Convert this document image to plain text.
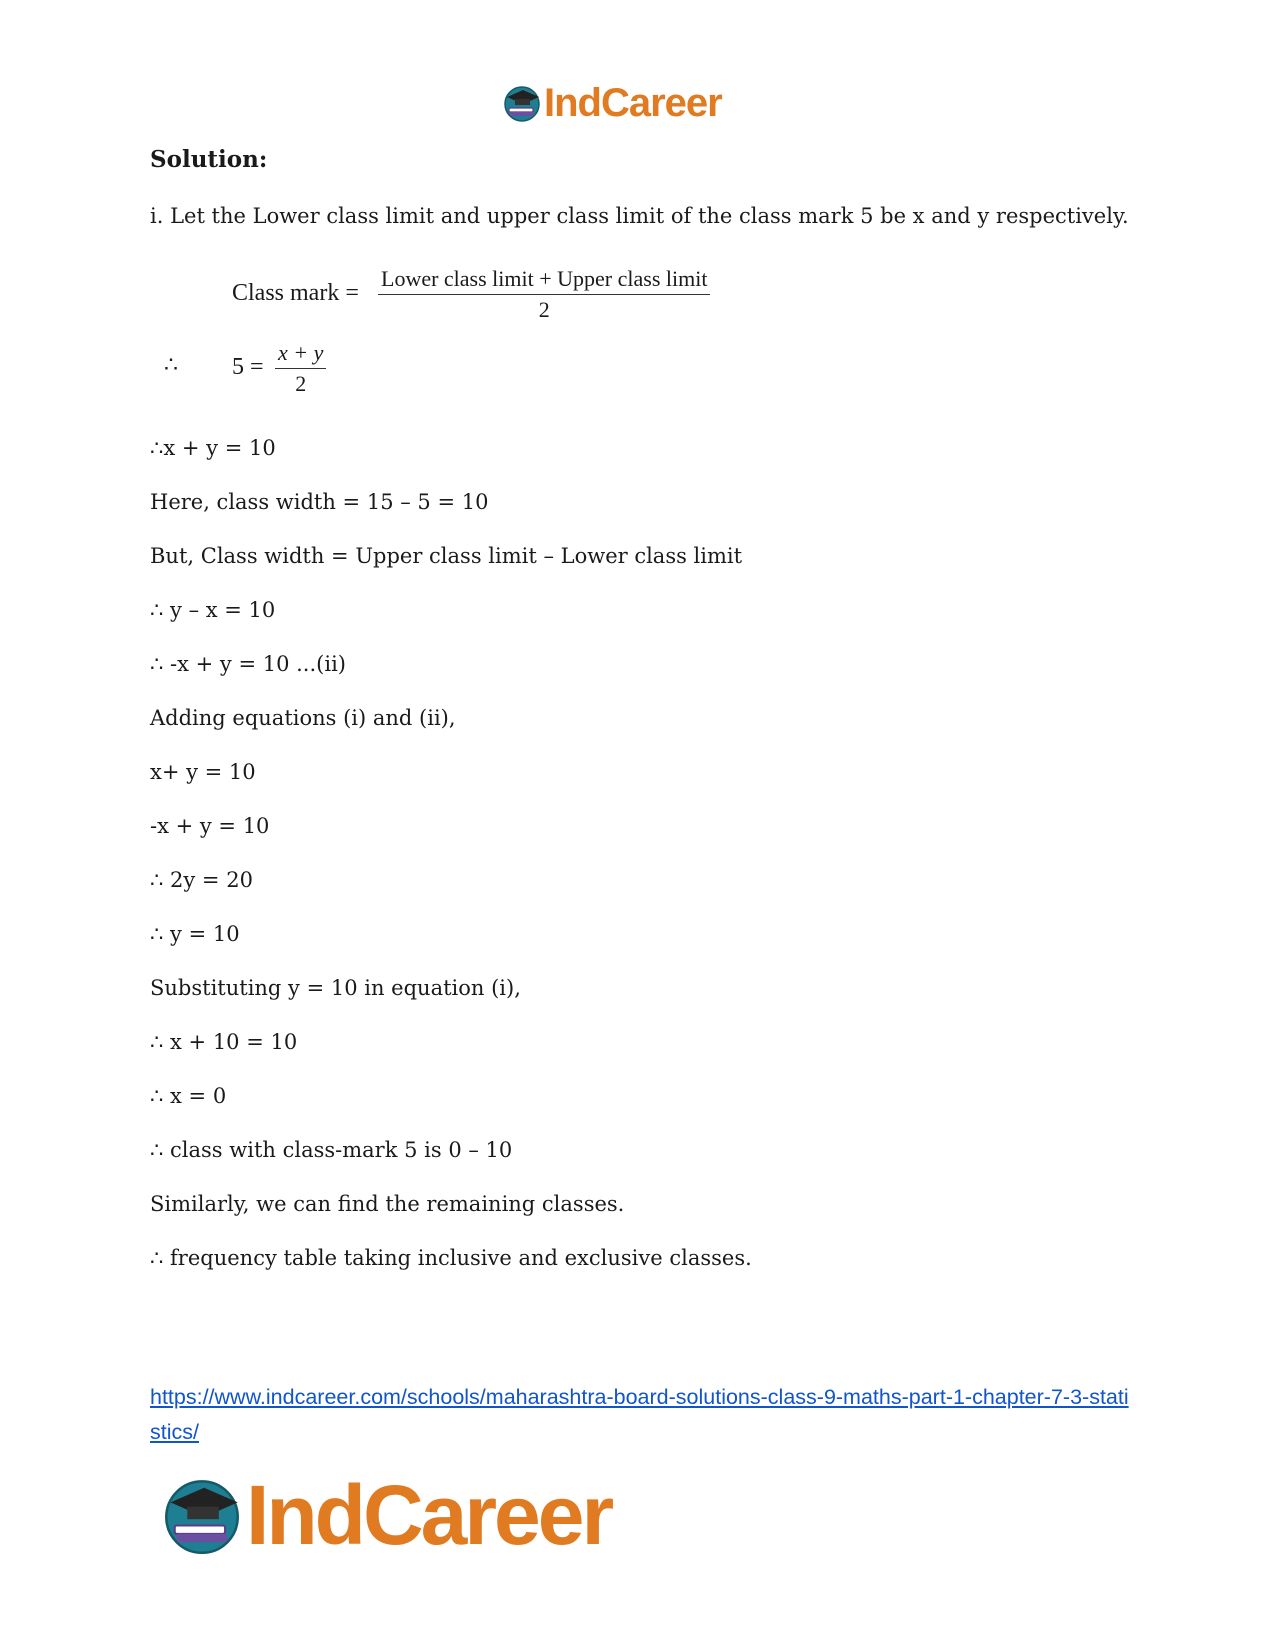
IndCareer
Solution:
i. Let the Lower class limit and upper class limit of the class mark 5 be x and y respectively.
Class mark =
Lower class limit + Upper class limit
2
∴ 5 =
x + y
2
∴x + y = 10
Here, class width = 15 – 5 = 10
But, Class width = Upper class limit – Lower class limit
∴ y – x = 10
∴ -x + y = 10 ...(ii)
Adding equations (i) and (ii),
x+ y = 10
-x + y = 10
∴ 2y = 20
∴ y = 10
Substituting y = 10 in equation (i),
∴ x + 10 = 10
∴ x = 0
∴ class with class-mark 5 is 0 – 10
Similarly, we can find the remaining classes.
∴ frequency table taking inclusive and exclusive classes.
https://www.indcareer.com/schools/maharashtra-board-solutions-class-9-maths-part-1-chapter-7-3-statistics/
IndCareer
